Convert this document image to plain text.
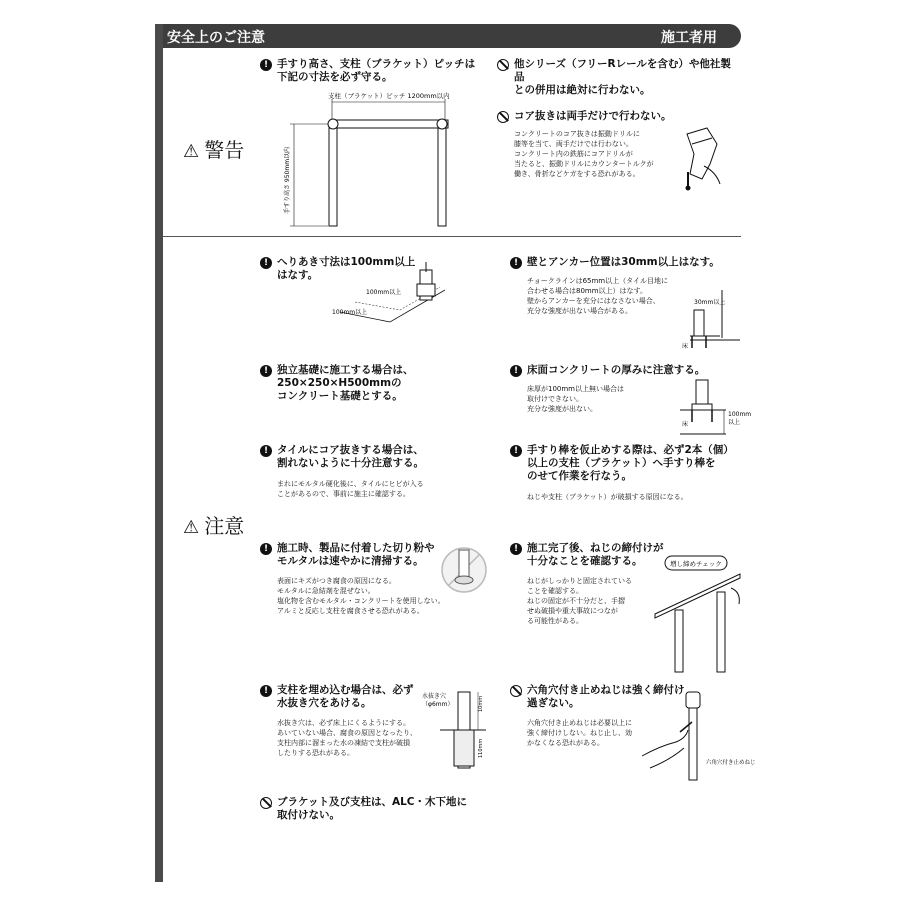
安全上のご注意	施工者用
⚠ 警告
⚠ 注意
! 手すり高さ、支柱（ブラケット）ピッチは
下記の寸法を必ず守る。
支柱（ブラケット）ピッチ 1200mm以内
手すり高さ 950mm以内
他シリーズ（フリーRレールを含む）や他社製品
との併用は絶対に行わない。
コア抜きは両手だけで行わない。
コンクリートのコア抜きは振動ドリルに
膝等を当て、両手だけでは行わない。
コンクリート内の鉄筋にコアドリルが
当たると、振動ドリルにカウンタートルクが
働き、骨折などケガをする恐れがある。
! へりあき寸法は100mm以上
はなす。
100mm以上
100mm以上
! 壁とアンカー位置は30mm以上はなす。
チョークラインは65mm以上（タイル目地に
合わせる場合は80mm以上）はなす。
壁からアンカーを充分にはなさない場合、
充分な強度が出ない場合がある。
30mm以上
床
! 独立基礎に施工する場合は、
250×250×H500mmの
コンクリート基礎とする。
! 床面コンクリートの厚みに注意する。
床厚が100mm以上無い場合は
取付けできない。
充分な強度が出ない。
100mm
以上
床
! タイルにコア抜きする場合は、
割れないように十分注意する。
まれにモルタル硬化後に、タイルにヒビが入る
ことがあるので、事前に施主に確認する。
! 手すり棒を仮止めする際は、必ず2本（個）
以上の支柱（ブラケット）へ手すり棒を
のせて作業を行なう。
ねじや支柱（ブラケット）が破損する原因になる。
! 施工時、製品に付着した切り粉や
モルタルは速やかに清掃する。
表面にキズがつき腐食の原因になる。
モルタルに急結剤を混ぜない。
塩化物を含むモルタル・コンクリートを使用しない。
アルミと反応し支柱を腐食させる恐れがある。
! 施工完了後、ねじの締付けが
十分なことを確認する。
ねじがしっかりと固定されている
ことを確認する。
ねじの固定が不十分だと、手摺
せぬ破損や重大事故につなが
る可能性がある。
増し締めチェック
! 支柱を埋め込む場合は、必ず
水抜き穴をあける。
水抜き穴は、必ず床上にくるようにする。
あいていない場合、腐食の原因となったり、
支柱内部に溜まった水の凍結で支柱が破損
したりする恐れがある。
水抜き穴
（φ6mm）	10mm
110mm
六角穴付き止めねじは強く締付け
過ぎない。
六角穴付き止めねじは必要以上に
強く締付けしない。ねじ止し、効
かなくなる恐れがある。
六角穴付き止めねじ
ブラケット及び支柱は、ALC・木下地に
取付けない。
